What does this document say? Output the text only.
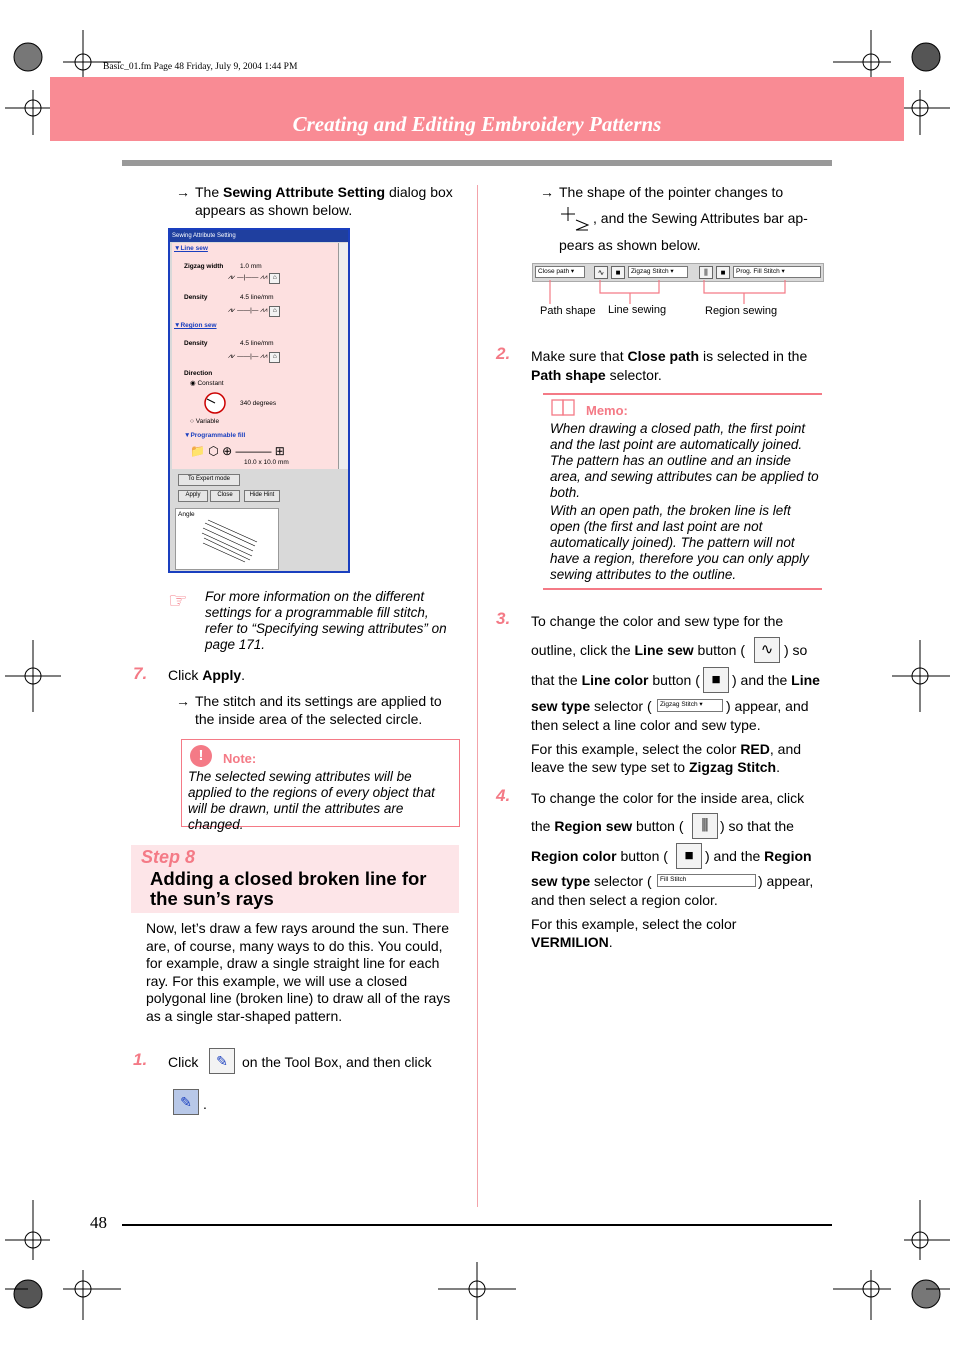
Basic_01.fm Page 48 Friday, July 9, 2004 1:44 PM
Creating and Editing Embroidery Patterns
→ The Sewing Attribute Setting dialog box appears as shown below.
Sewing Attribute Setting
▼Line sew
Zigzag width	1.0 mm
⩘⩗ —|—— ⩘⩘ ⌂
Density	4.5 line/mm
⩘⩗ ——|— ⩘⩘ ⌂
▼Region sew
Density	4.5 line/mm
⩘⩗ ——|— ⩘⩘ ⌂
Direction
◉ Constant
340 degrees
○ Variable
▼Programmable fill
📁 ⬡ ⊕ ——— ⊞
10.0 x 10.0 mm
To Expert mode
Apply	Close	Hide Hint
Angle
☞ For more information on the different settings for a programmable fill stitch, refer to “Specifying sewing attributes” on page 171.
7. Click Apply.
→ The stitch and its settings are applied to the inside area of the selected circle.
!	Note:
The selected sewing attributes will be applied to the regions of every object that will be drawn, until the attributes are changed.
Step 8
Adding a closed broken line for the sun’s rays
Now, let’s draw a few rays around the sun. There are, of course, many ways to do this. You could, for example, draw a single straight line for each ray. For this example, we will use a closed polygonal line (broken line) to draw all of the rays as a single star-shaped pattern.
1. Click	✎	on the Tool Box, and then click
✎ .
→ The shape of the pointer changes to
, and the Sewing Attributes bar ap-
pears as shown below.
Close path ▾	∿	■	Zigzag Stitch ▾	⫼	■	Prog. Fill Stitch ▾
Path shape Line sewing	Region sewing
2. Make sure that Close path is selected in the Path shape selector.
Memo:
When drawing a closed path, the first point and the last point are automatically joined. The pattern has an outline and an inside area, and sewing attributes can be applied to both.
With an open path, the broken line is left open (the first and last point are not automatically joined). The pattern will not have a region, therefore you can only apply sewing attributes to the outline.
3. To change the color and sew type for the
outline, click the Line sew button (	∿ ) so
that the Line color button ( ■ ) and the Line
sew type selector (	Zigzag Stitch ▾	) appear, and
then select a line color and sew type.
For this example, select the color RED, and leave the sew type set to Zigzag Stitch.
4. To change the color for the inside area, click
the Region sew button (	⫼ ) so that the
Region color button (	■ ) and the Region
sew type selector (	Fill Stitch	) appear,
and then select a region color.
For this example, select the color
VERMILION.
48
